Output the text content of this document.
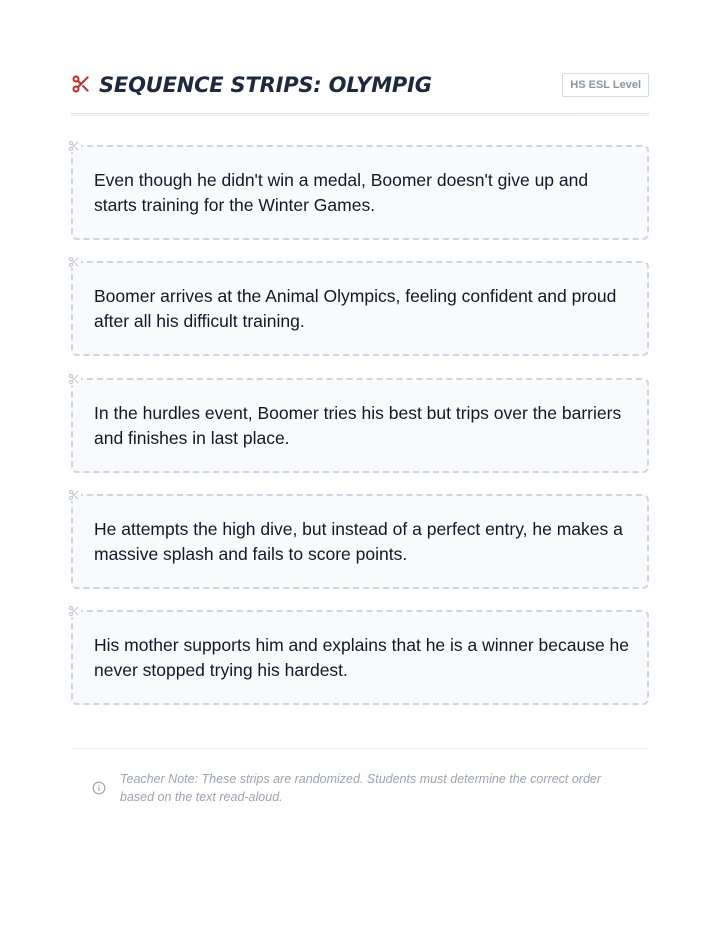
SEQUENCE STRIPS: OLYMPIG	HS ESL Level
Even though he didn't win a medal, Boomer doesn't give up and starts training for the Winter Games.
Boomer arrives at the Animal Olympics, feeling confident and proud after all his difficult training.
In the hurdles event, Boomer tries his best but trips over the barriers and finishes in last place.
He attempts the high dive, but instead of a perfect entry, he makes a massive splash and fails to score points.
His mother supports him and explains that he is a winner because he never stopped trying his hardest.
Teacher Note: These strips are randomized. Students must determine the correct order based on the text read-aloud.
